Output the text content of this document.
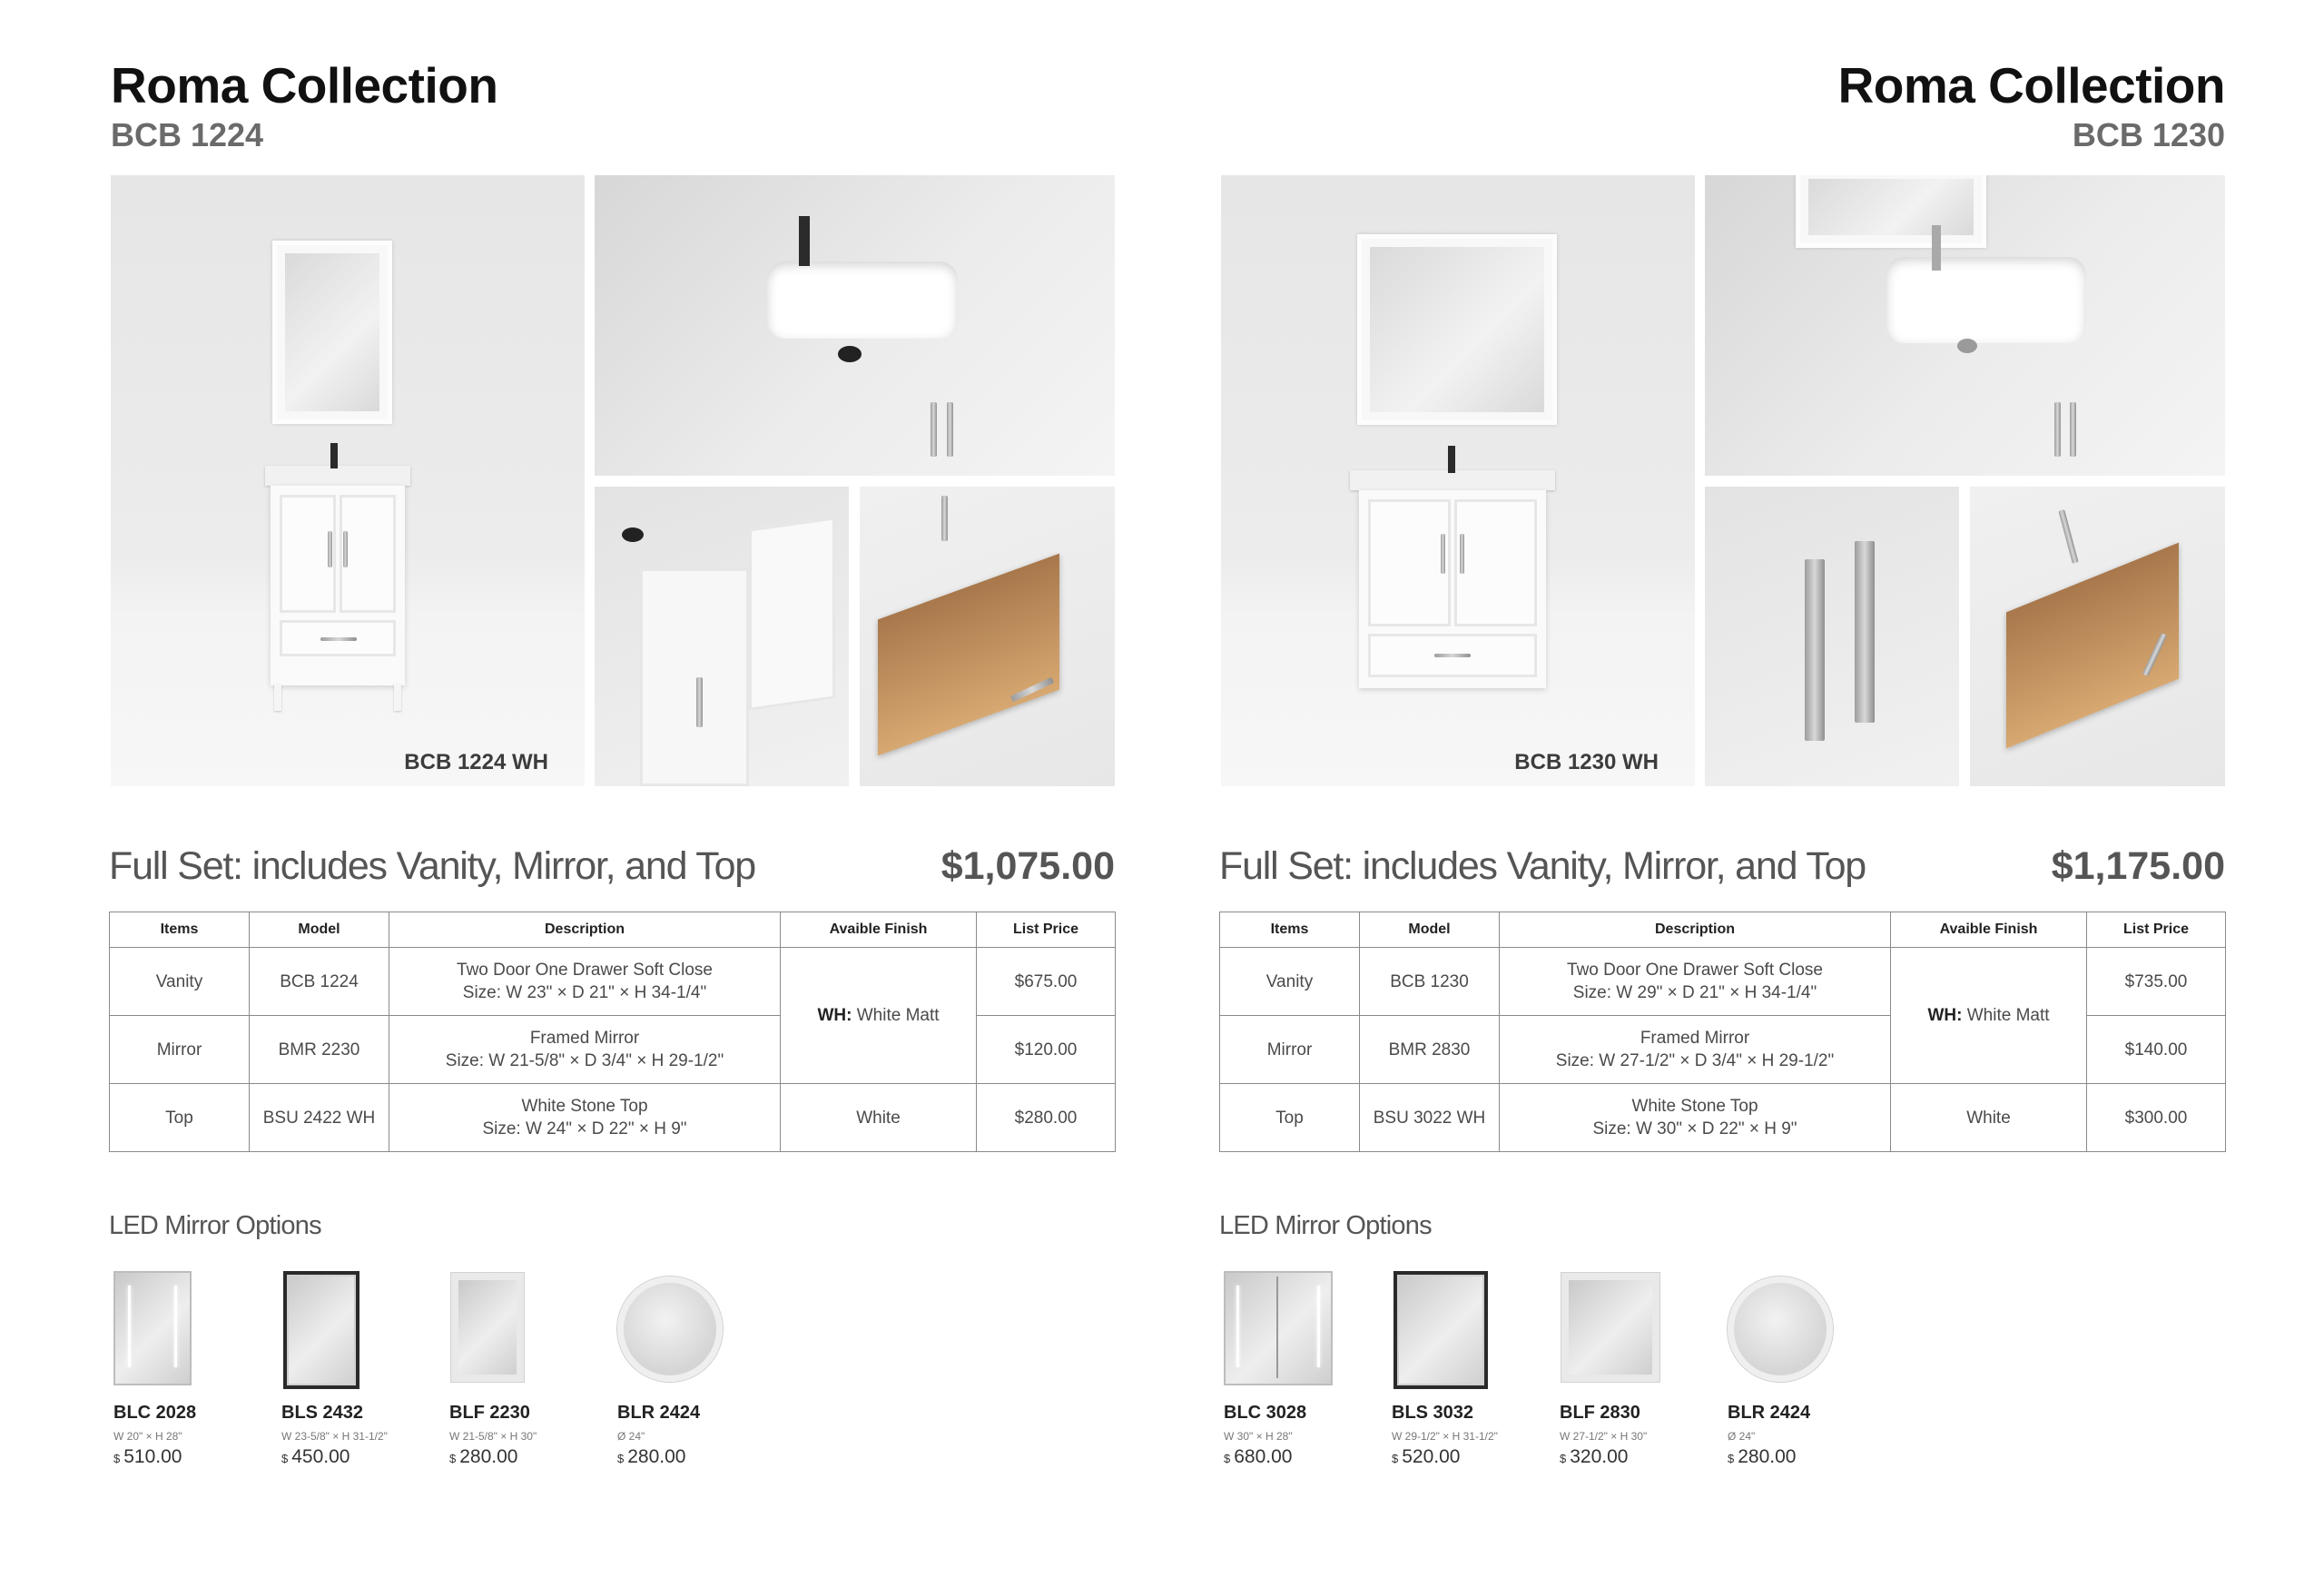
Roma Collection
BCB 1224
BCB 1224 WH
Full Set: includes Vanity, Mirror, and Top	$1,075.00
Items	Model	Description	Avaible Finish	List Price
Vanity	BCB 1224	Two Door One Drawer Soft Close
Size: W 23" × D 21" × H 34-1/4"	WH: White Matt	$675.00
Mirror	BMR 2230	Framed Mirror
Size: W 21-5/8" × D 3/4" × H 29-1/2"		$120.00
Top	BSU 2422 WH	White Stone Top
Size: W 24" × D 22" × H 9"	White	$280.00
LED Mirror Options
BLC 2028
W 20" × H 28"
$ 510.00
BLS 2432
W 23-5/8" × H 31-1/2"
$ 450.00
BLF 2230
W 21-5/8" × H 30"
$ 280.00
BLR 2424
Ø 24"
$ 280.00
Roma Collection
BCB 1230
BCB 1230 WH
Full Set: includes Vanity, Mirror, and Top	$1,175.00
Items	Model	Description	Avaible Finish	List Price
Vanity	BCB 1230	Two Door One Drawer Soft Close
Size: W 29" × D 21" × H 34-1/4"	WH: White Matt	$735.00
Mirror	BMR 2830	Framed Mirror
Size: W 27-1/2" × D 3/4" × H 29-1/2"		$140.00
Top	BSU 3022 WH	White Stone Top
Size: W 30" × D 22" × H 9"	White	$300.00
LED Mirror Options
BLC 3028
W 30" × H 28"
$ 680.00
BLS 3032
W 29-1/2" × H 31-1/2"
$ 520.00
BLF 2830
W 27-1/2" × H 30"
$ 320.00
BLR 2424
Ø 24"
$ 280.00
